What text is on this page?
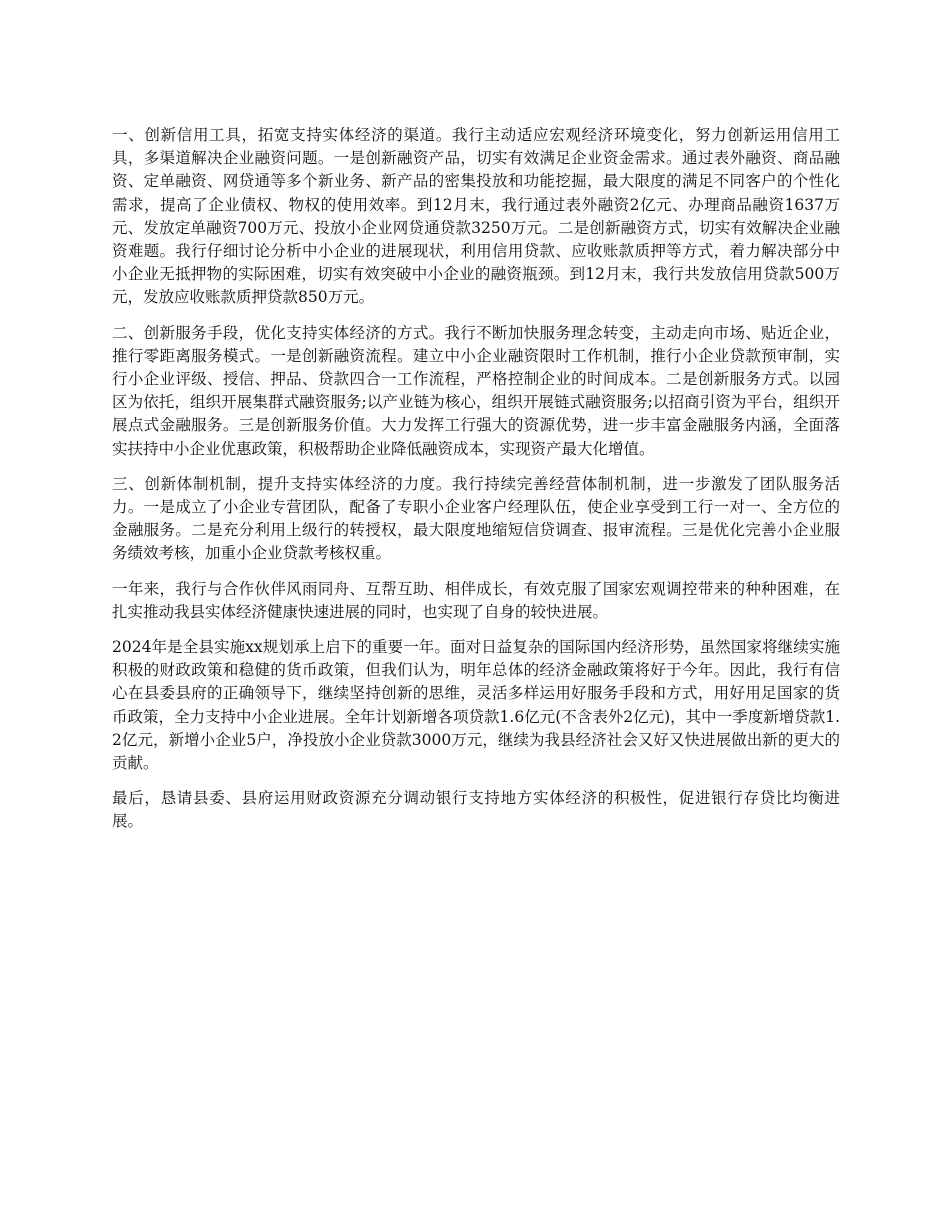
一、创新信用工具，拓宽支持实体经济的渠道。我行主动适应宏观经济环境变化，努力创新运用信用工具，多渠道解决企业融资问题。一是创新融资产品，切实有效满足企业资金需求。通过表外融资、商品融资、定单融资、网贷通等多个新业务、新产品的密集投放和功能挖掘，最大限度的满足不同客户的个性化需求，提高了企业债权、物权的使用效率。到12月末，我行通过表外融资2亿元、办理商品融资1637万元、发放定单融资700万元、投放小企业网贷通贷款3250万元。二是创新融资方式，切实有效解决企业融资难题。我行仔细讨论分析中小企业的进展现状，利用信用贷款、应收账款质押等方式，着力解决部分中小企业无抵押物的实际困难，切实有效突破中小企业的融资瓶颈。到12月末，我行共发放信用贷款500万元，发放应收账款质押贷款850万元。

二、创新服务手段，优化支持实体经济的方式。我行不断加快服务理念转变，主动走向市场、贴近企业，推行零距离服务模式。一是创新融资流程。建立中小企业融资限时工作机制，推行小企业贷款预审制，实行小企业评级、授信、押品、贷款四合一工作流程，严格控制企业的时间成本。二是创新服务方式。以园区为依托，组织开展集群式融资服务;以产业链为核心，组织开展链式融资服务;以招商引资为平台，组织开展点式金融服务。三是创新服务价值。大力发挥工行强大的资源优势，进一步丰富金融服务内涵，全面落实扶持中小企业优惠政策，积极帮助企业降低融资成本，实现资产最大化增值。

三、创新体制机制，提升支持实体经济的力度。我行持续完善经营体制机制，进一步激发了团队服务活力。一是成立了小企业专营团队，配备了专职小企业客户经理队伍，使企业享受到工行一对一、全方位的金融服务。二是充分利用上级行的转授权，最大限度地缩短信贷调查、报审流程。三是优化完善小企业服务绩效考核，加重小企业贷款考核权重。

一年来，我行与合作伙伴风雨同舟、互帮互助、相伴成长，有效克服了国家宏观调控带来的种种困难，在扎实推动我县实体经济健康快速进展的同时，也实现了自身的较快进展。

2024年是全县实施xx规划承上启下的重要一年。面对日益复杂的国际国内经济形势，虽然国家将继续实施积极的财政政策和稳健的货币政策，但我们认为，明年总体的经济金融政策将好于今年。因此，我行有信心在县委县府的正确领导下，继续坚持创新的思维，灵活多样运用好服务手段和方式，用好用足国家的货币政策，全力支持中小企业进展。全年计划新增各项贷款1.6亿元(不含表外2亿元)，其中一季度新增贷款1.2亿元，新增小企业5户，净投放小企业贷款3000万元，继续为我县经济社会又好又快进展做出新的更大的贡献。

最后，恳请县委、县府运用财政资源充分调动银行支持地方实体经济的积极性，促进银行存贷比均衡进展。
